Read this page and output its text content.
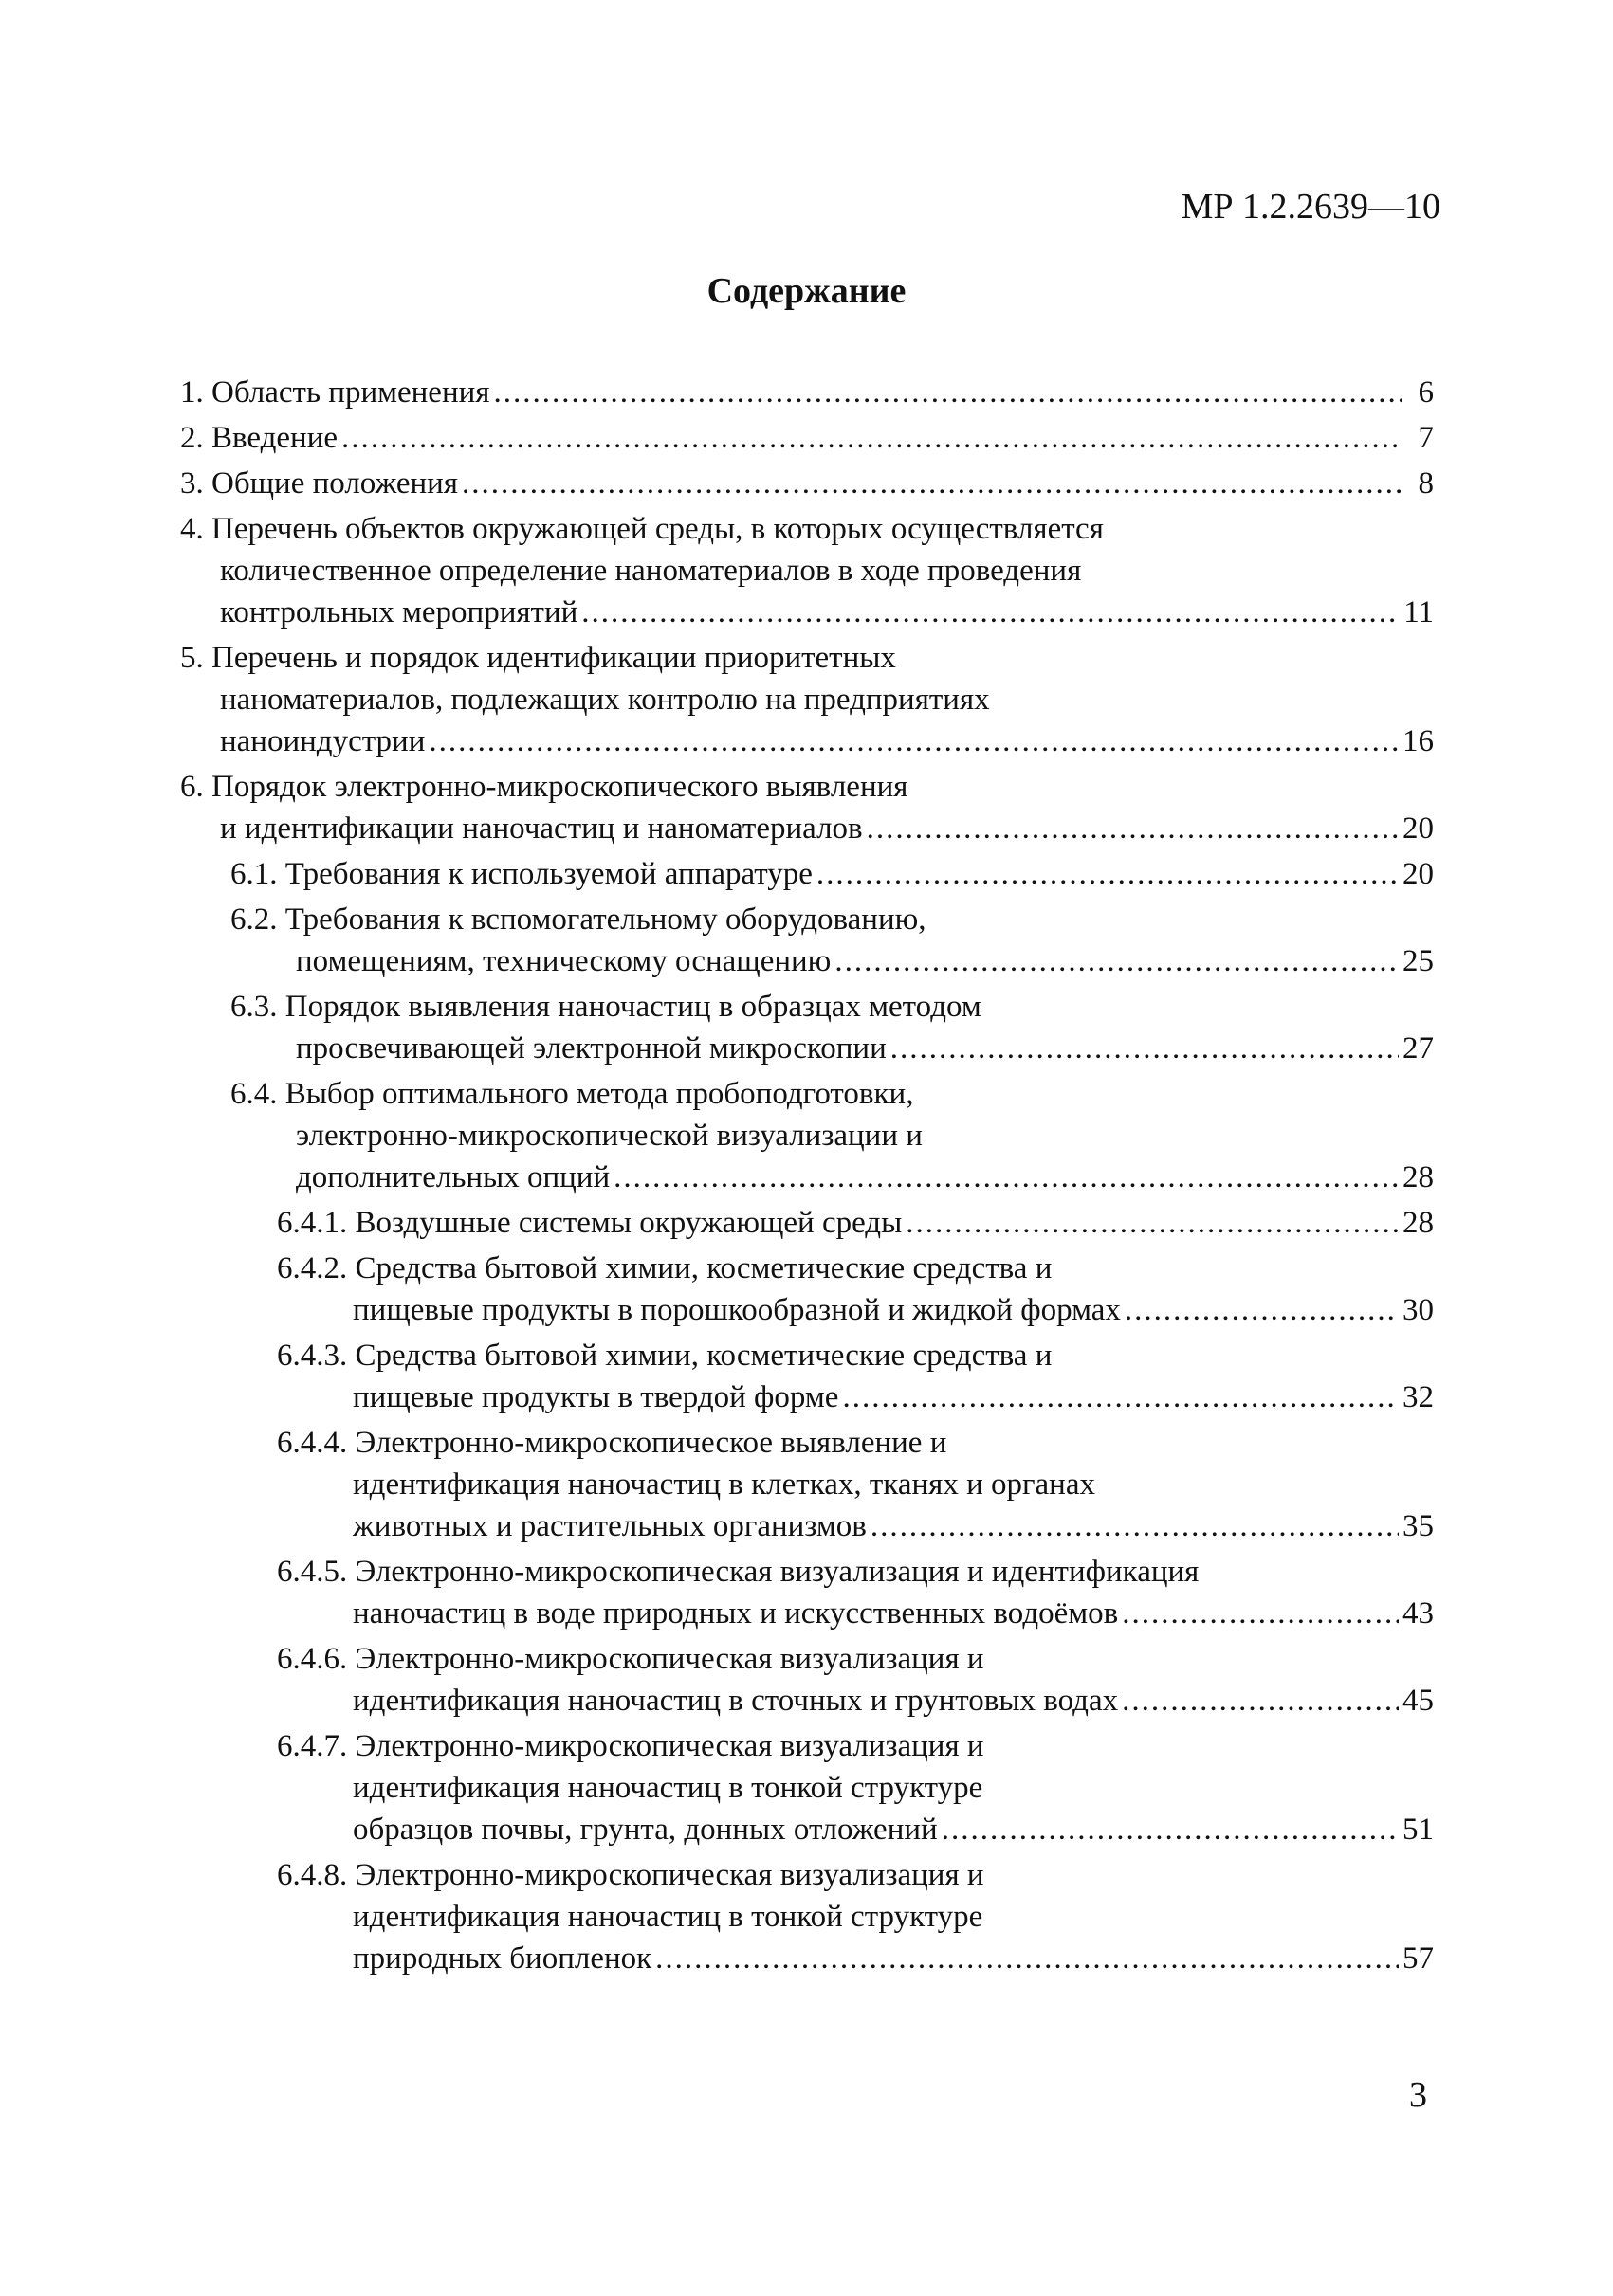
МР 1.2.2639—10
Содержание
1. Область применения .....	6
2. Введение .....	7
3. Общие положения .....	8
4. Перечень объектов окружающей среды, в которых осуществляется
количественное определение наноматериалов в ходе проведения
контрольных мероприятий .....	11
5. Перечень и порядок идентификации приоритетных
наноматериалов, подлежащих контролю на предприятиях
наноиндустрии .....	16
6. Порядок электронно-микроскопического выявления
и идентификации наночастиц и наноматериалов .....	20
6.1. Требования к используемой аппаратуре .....	20
6.2. Требования к вспомогательному оборудованию,
помещениям, техническому оснащению .....	25
6.3. Порядок выявления наночастиц в образцах методом
просвечивающей электронной микроскопии .....	27
6.4. Выбор оптимального метода пробоподготовки,
электронно-микроскопической визуализации и
дополнительных опций .....	28
6.4.1. Воздушные системы окружающей среды .....	28
6.4.2. Средства бытовой химии, косметические средства и
пищевые продукты в порошкообразной и жидкой формах .....	30
6.4.3. Средства бытовой химии, косметические средства и
пищевые продукты в твердой форме .....	32
6.4.4. Электронно-микроскопическое выявление и
идентификация наночастиц в клетках, тканях и органах
животных и растительных организмов .....	35
6.4.5. Электронно-микроскопическая визуализация и идентификация
наночастиц в воде природных и искусственных водоёмов .....	43
6.4.6. Электронно-микроскопическая визуализация и
идентификация наночастиц в сточных и грунтовых водах .....	45
6.4.7. Электронно-микроскопическая визуализация и
идентификация наночастиц в тонкой структуре
образцов почвы, грунта, донных отложений .....	51
6.4.8. Электронно-микроскопическая визуализация и
идентификация наночастиц в тонкой структуре
природных биопленок .....	57
3
